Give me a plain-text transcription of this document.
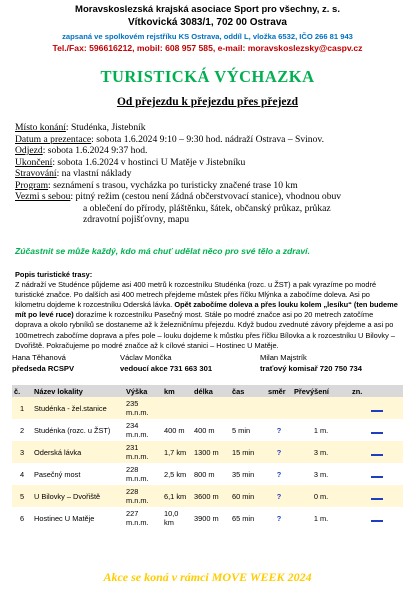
Moravskoslezská krajská asociace Sport pro všechny, z. s.
Vítkovická 3083/1, 702 00 Ostrava
zapsaná ve spolkovém rejstříku KS Ostrava, oddíl L, vložka 6532, IČO 266 81 943
Tel./Fax: 596616212, mobil: 608 957 585, e-mail: moravskoslezsky@caspv.cz
TURISTICKÁ VÝCHAZKA
Od přejezdu k přejezdu přes přejezd
Místo konání: Studénka, Jistebník
Datum a prezentace: sobota 1.6.2024 9:10 – 9:30 hod. nádraží Ostrava – Svinov.
Odjezd: sobota 1.6.2024 9:37 hod.
Ukončení: sobota 1.6.2024 v hostinci U Matěje v Jistebníku
Stravování: na vlastní náklady
Program: seznámení s trasou, vycházka po turisticky značené trase 10 km
Vezmi s sebou: pitný režim (cestou není žádná občerstvovací stanice), vhodnou obuv
a oblečení do přírody, pláštěnku, šátek, občanský průkaz, průkaz
zdravotní pojišťovny, mapu
Zúčastnit se může každý, kdo má chuť udělat něco pro své tělo a zdraví.
Popis turistické trasy:
Z nádraží ve Studénce půjdeme asi 400 metrů k rozcestníku Studénka (rozc. u ŽST) a pak vyrazíme po modré turistické značce. Po dalších asi 400 metrech přejdeme můstek přes říčku Mlýnka a zabočíme doleva. Asi po kilometru dojdeme k rozcestníku Oderská lávka. Opět zabočíme doleva a přes louku kolem „lesíku“ (ten budeme mít po levé ruce) dorazíme k rozcestníku Pasečný most. Stále po modré značce asi po 20 metrech zatočíme doprava a okolo rybníků se dostaneme až k železničnímu přejezdu. Když budou zvednuté závory přejdeme a asi po 100metrech zabočíme doprava a přes pole – louku dojdeme k můstku přes říčku Bílovka a k rozcestníku U Bilovky – Dvořiště. Pokračujeme po modré značce až k cílové stanici – Hostinec U Matěje.
Hana Těhanová
předseda RCSPV
Václav Mončka
vedoucí akce 731 663 301
Milan Majstrík
traťový komisař 720 750 734
č.	Název lokality	Výška	km	délka	čas	směr	Převýšení	zn.
1	Studénka - žel.stanice	235 m.n.m.						
2	Studénka (rozc. u ŽST)	234 m.n.m.	400 m	400 m	5 min	?	1 m.	
3	Oderská lávka	231 m.n.m.	1,7 km	1300 m	15 min	?	3 m.	
4	Pasečný most	228 m.n.m.	2,5 km	800 m	35 min	?	3 m.	
5	U Bilovky – Dvořiště	228 m.n.m.	6,1 km	3600 m	60 min	?	0 m.	
6	Hostinec U Matěje	227 m.n.m.	10,0 km	3900 m	65 min	?	1 m.	
Akce se koná v rámci MOVE WEEK 2024
